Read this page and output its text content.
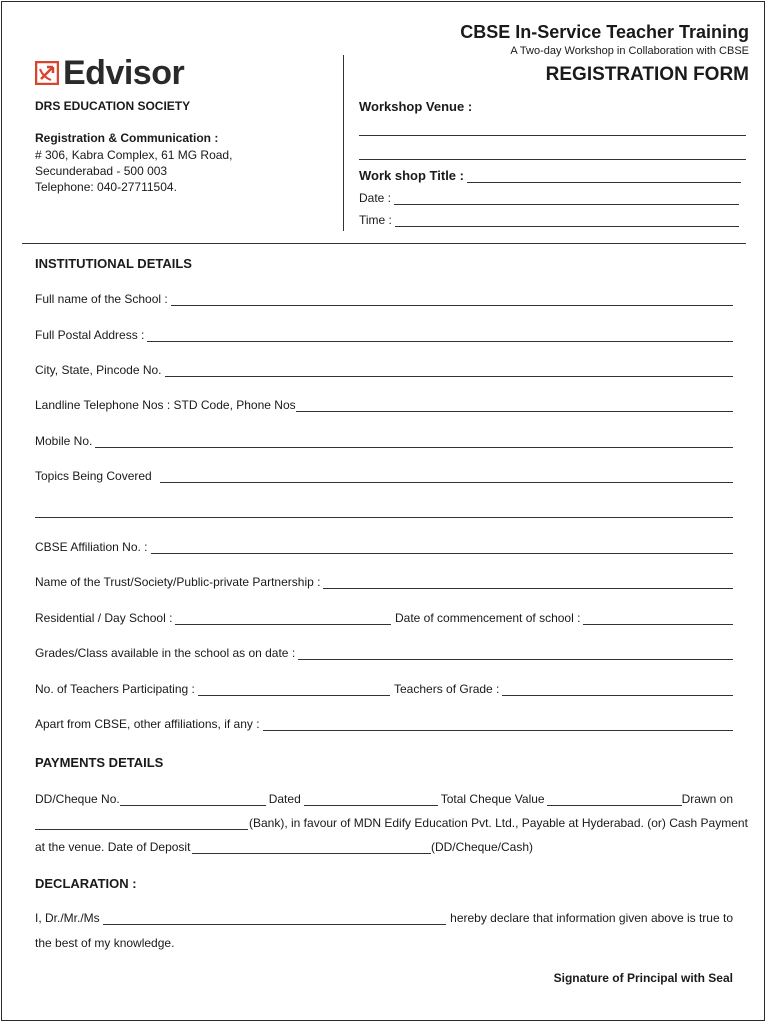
Edvisor
DRS EDUCATION SOCIETY
Registration & Communication :
# 306, Kabra Complex, 61 MG Road,
Secunderabad - 500 003
Telephone: 040-27711504.
CBSE In-Service Teacher Training
A Two-day Workshop in Collaboration with CBSE
REGISTRATION FORM
Workshop Venue :
Work shop Title :
Date :
Time :
INSTITUTIONAL DETAILS
Full name of the School :
Full Postal Address :
City, State, Pincode No.
Landline Telephone Nos : STD Code, Phone Nos
Mobile No.
Topics Being Covered
CBSE Affiliation No. :
Name of the Trust/Society/Public-private Partnership :
Residential / Day School :	Date of commencement of school :
Grades/Class available in the school as on date :
No. of Teachers Participating :	Teachers of Grade :
Apart from CBSE, other affiliations, if any :
PAYMENTS DETAILS
DD/Cheque No.	Dated	Total Cheque Value	Drawn on
(Bank), in favour of MDN Edify Education Pvt. Ltd., Payable at Hyderabad. (or) Cash Payment
at the venue. Date of Deposit	(DD/Cheque/Cash)
DECLARATION :
I, Dr./Mr./Ms	hereby declare that information given above is true to
the best of my knowledge.
Signature of Principal with Seal
